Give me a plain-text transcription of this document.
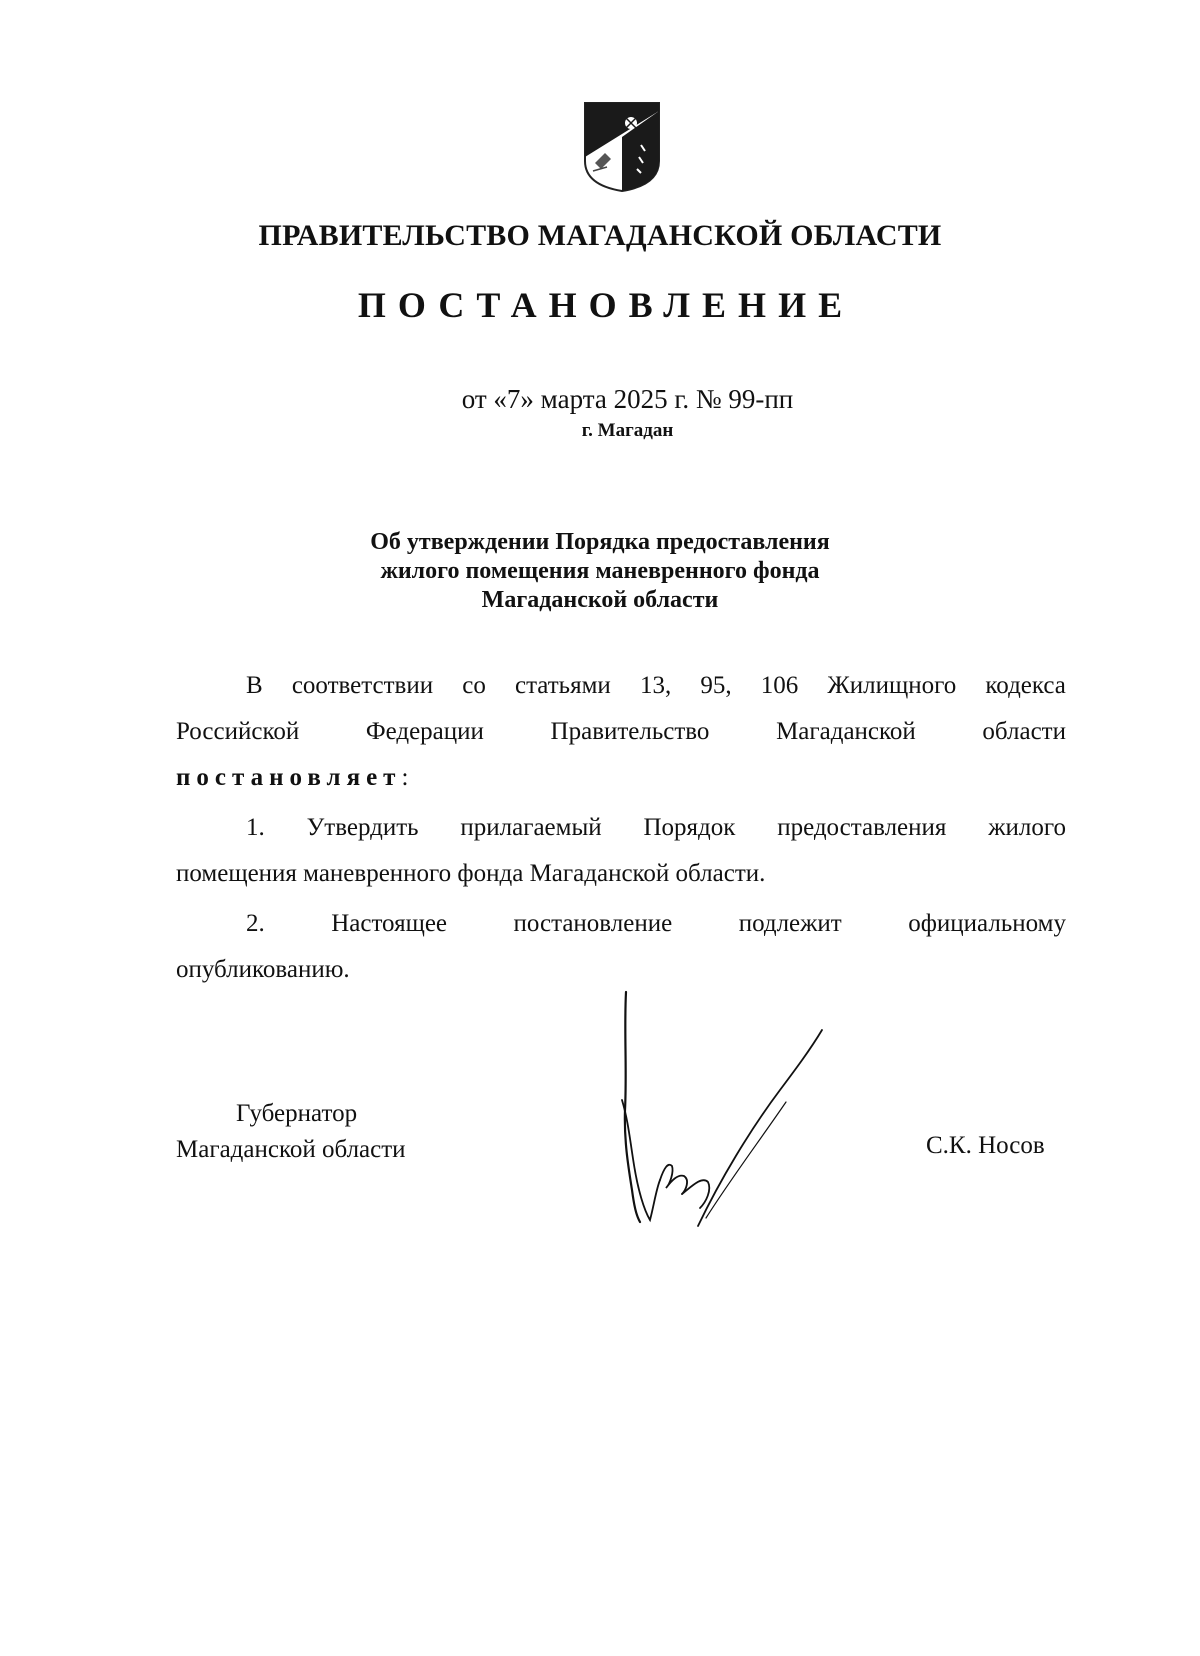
ПРАВИТЕЛЬСТВО МАГАДАНСКОЙ ОБЛАСТИ
ПОСТАНОВЛЕНИЕ
от «7» марта 2025 г. № 99-пп
г. Магадан
Об утверждении Порядка предоставления
жилого помещения маневренного фонда
Магаданской области
В соответствии со статьями 13, 95, 106 Жилищного кодекса
Российской	Федерации	Правительство	Магаданской	области
постановляет :
1. Утвердить прилагаемый Порядок предоставления жилого
помещения маневренного фонда Магаданской области.
2.	Настоящее	постановление	подлежит	официальному
опубликованию.
Губернатор
Магаданской области	С.К. Носов
